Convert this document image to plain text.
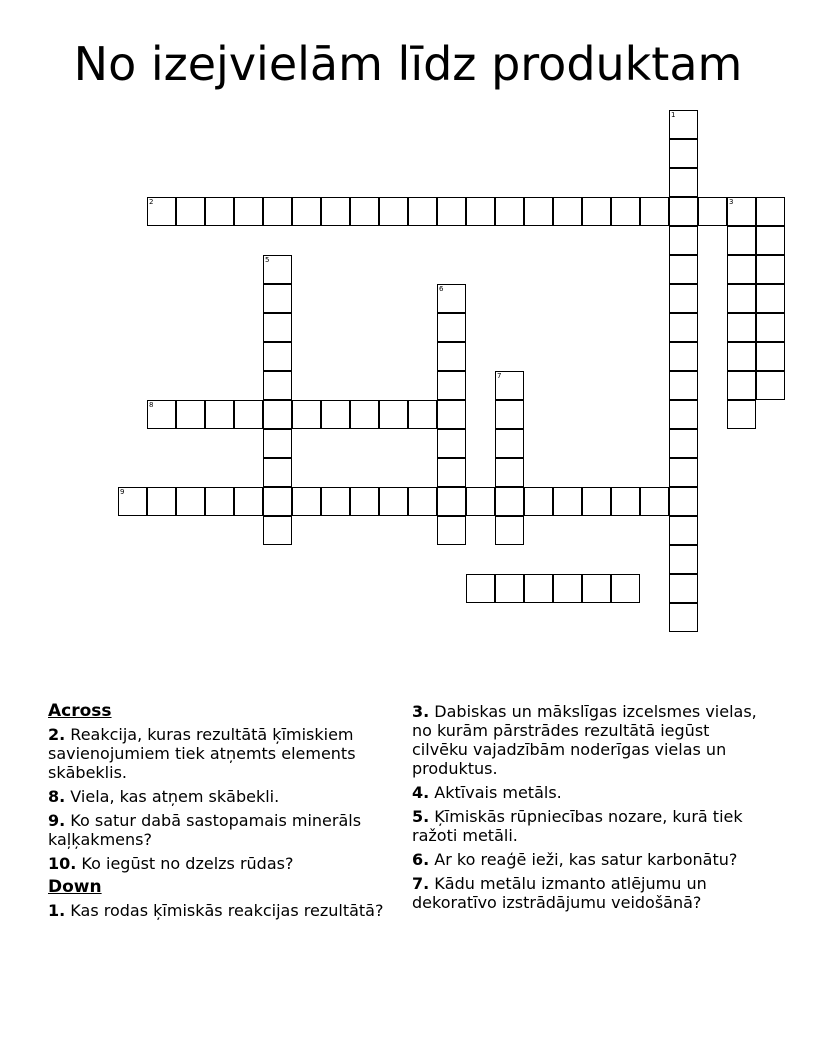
No izejvielām līdz produktam
1
2	3
5
6
7
8
9
Across
2. Reakcija, kuras rezultātā ķīmiskiem savienojumiem tiek atņemts elements skābeklis.
8. Viela, kas atņem skābekli.
9. Ko satur dabā sastopamais minerāls kaļķakmens?
10. Ko iegūst no dzelzs rūdas?
Down
1. Kas rodas ķīmiskās reakcijas rezultātā?
3. Dabiskas un mākslīgas izcelsmes vielas, no kurām pārstrādes rezultātā iegūst cilvēku vajadzībām noderīgas vielas un produktus.
4. Aktīvais metāls.
5. Ķīmiskās rūpniecības nozare, kurā tiek ražoti metāli.
6. Ar ko reaģē ieži, kas satur karbonātu?
7. Kādu metālu izmanto atlējumu un dekoratīvo izstrādājumu veidošānā?
